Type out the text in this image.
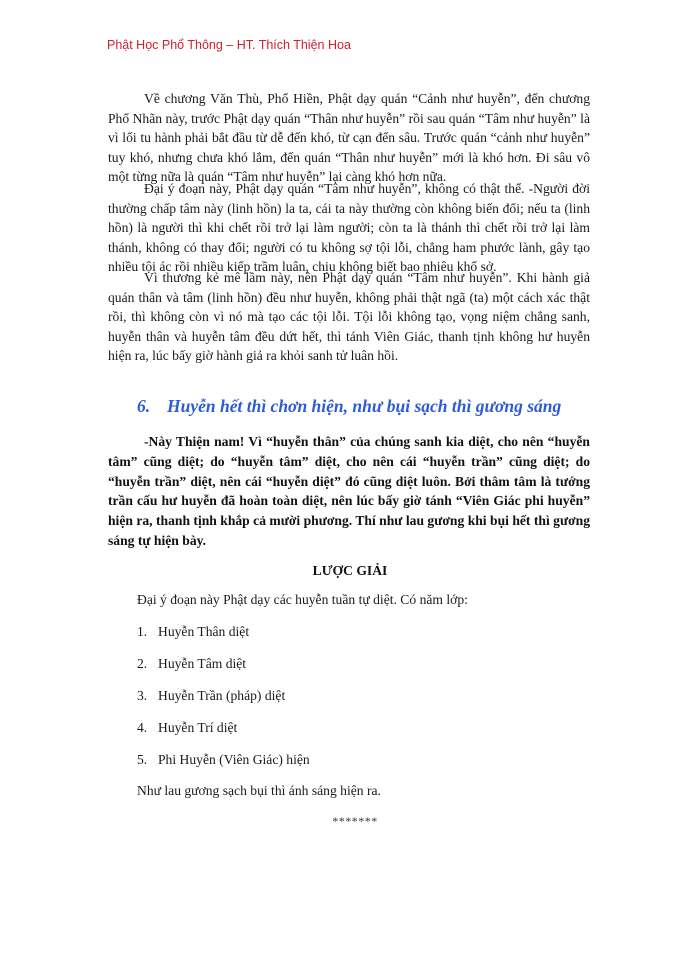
Phật Học Phổ Thông – HT. Thích Thiện Hoa

Về chương Văn Thù, Phổ Hiền, Phật dạy quán “Cảnh như huyễn”, đến chương Phổ Nhãn này, trước Phật dạy quán “Thân như huyễn” rồi sau quán “Tâm như huyễn” là vì lối tu hành phải bắt đầu từ dễ đến khó, từ cạn đến sâu. Trước quán “cảnh như huyễn” tuy khó, nhưng chưa khó lắm, đến quán “Thân như huyễn” mới là khó hơn. Đi sâu vô một từng nữa là quán “Tâm như huyễn” lại càng khó hơn nữa.

Đại ý đoạn này, Phật dạy quán “Tâm như huyễn”, không có thật thể. -Người đời thường chấp tâm này (linh hồn) la ta, cái ta này thường còn không biến đổi; nếu ta (linh hồn) là người thì khi chết rồi trở lại làm người; còn ta là thánh thì chết rồi trở lại làm thánh, không có thay đổi; người có tu không sợ tội lỗi, chẳng ham phước lành, gây tạo nhiều tội ác rồi nhiều kiếp trầm luân, chịu không biết bao nhiêu khổ sở.

Vì thương kẻ mê lầm này, nên Phật dạy quán “Tâm như huyễn”. Khi hành giả quán thân và tâm (linh hồn) đều như huyễn, không phải thật ngã (ta) một cách xác thật rồi, thì không còn vì nó mà tạo các tội lỗi. Tội lỗi không tạo, vọng niệm chẳng sanh, huyễn thân và huyễn tâm đều dứt hết, thì tánh Viên Giác, thanh tịnh không hư huyễn hiện ra, lúc bấy giờ hành giả ra khỏi sanh tử luân hồi.

6. Huyễn hết thì chơn hiện, như bụi sạch thì gương sáng

-Này Thiện nam! Vì “huyễn thân” của chúng sanh kia diệt, cho nên “huyễn tâm” cũng diệt; do “huyễn tâm” diệt, cho nên cái “huyễn trần” cũng diệt; do “huyễn trần” diệt, nên cái “huyễn diệt” đó cũng diệt luôn. Bởi thâm tâm là tướng trần cấu hư huyễn đã hoàn toàn diệt, nên lúc bấy giờ tánh “Viên Giác phi huyễn” hiện ra, thanh tịnh khắp cả mười phương. Thí như lau gương khi bụi hết thì gương sáng tự hiện bày.

LƯỢC GIẢI
Đại ý đoạn này Phật dạy các huyễn tuần tự diệt. Có năm lớp:
1. Huyễn Thân diệt
2. Huyễn Tâm diệt
3. Huyễn Trần (pháp) diệt
4. Huyễn Trí diệt
5. Phi Huyễn (Viên Giác) hiện
Như lau gương sạch bụi thì ánh sáng hiện ra.
*******
